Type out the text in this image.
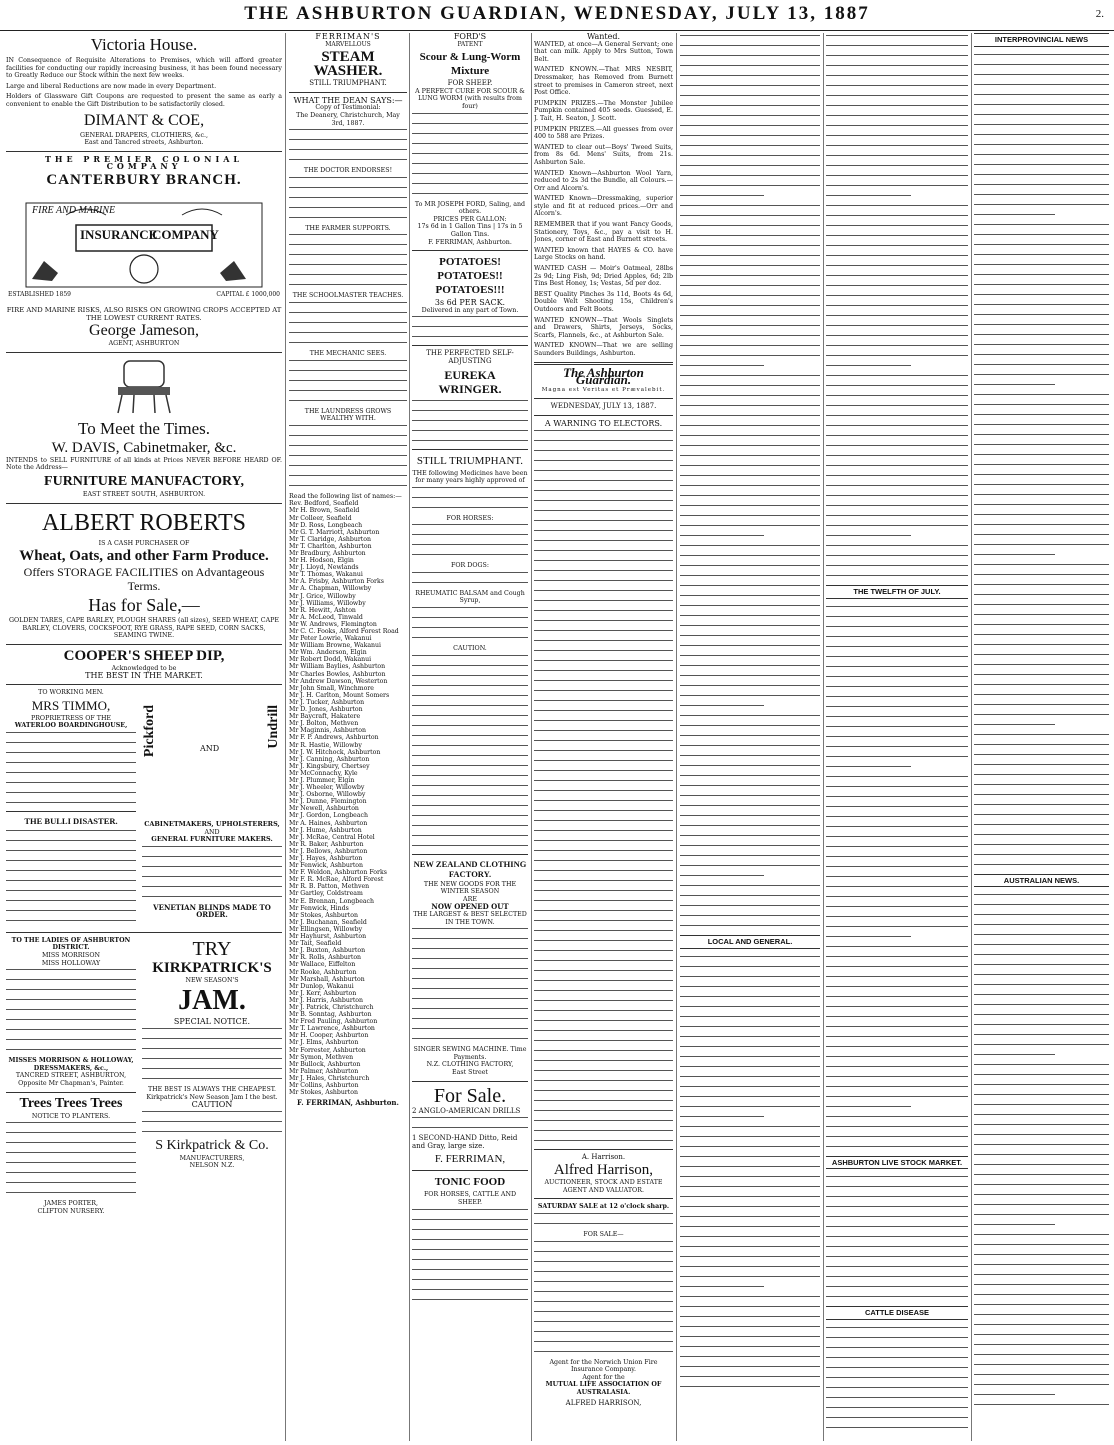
THE ASHBURTON GUARDIAN, WEDNESDAY, JULY 13, 1887	2.
Victoria House.

IN Consequence of Requisite Alterations to Premises, which will afford greater facilities for conducting our rapidly increasing business, it has been found necessary to Greatly Reduce our Stock within the next few weeks.

Large and liberal Reductions are now made in every Department.

Holders of Glassware Gift Coupons are requested to present the same as early a convenient to enable the Gift Distribution to be satisfactorily closed.

DIMANT & COE,
GENERAL DRAPERS, CLOTHIERS, &c.,
East and Tancred streets, Ashburton.
THE PREMIER COLONIAL COMPANY
CANTERBURY BRANCH.
FIRE AND MARINE
INSURANCE
COMPANY
ESTABLISHED 1859	CAPITAL £ 1000,000
FIRE AND MARINE RISKS, ALSO RISKS ON GROWING CROPS ACCEPTED AT THE LOWEST CURRENT RATES.
George Jameson,
AGENT, ASHBURTON
To Meet the Times.
W. DAVIS, Cabinetmaker, &c.

INTENDS to SELL FURNITURE of all kinds at Prices NEVER BEFORE HEARD OF. Note the Address—

FURNITURE MANUFACTORY,
EAST STREET SOUTH, ASHBURTON.
ALBERT ROBERTS
IS A CASH PURCHASER OF
Wheat, Oats, and other Farm Produce.
Offers STORAGE FACILITIES on Advantageous Terms.
Has for Sale,—
GOLDEN TARES, CAPE BARLEY, PLOUGH SHARES (all sizes), SEED WHEAT, CAPE BARLEY, CLOVERS, COCKSFOOT, RYE GRASS, RAPE SEED, CORN SACKS, SEAMING TWINE.
COOPER'S SHEEP DIP,
Acknowledged to be
THE BEST IN THE MARKET.
TO WORKING MEN.
MRS TIMMO,
PROPRIETRESS OF THE
WATERLOO BOARDINGHOUSE,
THE BULLI DISASTER.
Pickford	AND	Undrill
CABINETMAKERS, UPHOLSTERERS,
AND
GENERAL FURNITURE MAKERS.
VENETIAN BLINDS MADE TO ORDER.
TO THE LADIES OF ASHBURTON DISTRICT.
MISS MORRISON
MISS HOLLOWAY
MISSES MORRISON & HOLLOWAY, DRESSMAKERS, &c.,
TANCRED STREET, ASHBURTON, Opposite Mr Chapman's, Painter.
Trees Trees Trees
NOTICE TO PLANTERS.
JAMES PORTER,
CLIFTON NURSERY.
TRY
KIRKPATRICK'S
NEW SEASON'S
JAM.
SPECIAL NOTICE.
THE BEST IS ALWAYS THE CHEAPEST. Kirkpatrick's New Season Jam I the best.
CAUTION
S Kirkpatrick & Co.
MANUFACTURERS,
NELSON N.Z.
FERRIMAN'S
MARVELLOUS
STEAM WASHER.
STILL TRIUMPHANT.
WHAT THE DEAN SAYS:—
Copy of Testimonial:
The Deanery, Christchurch, May 3rd, 1887.
THE DOCTOR ENDORSES!
THE FARMER SUPPORTS.
THE SCHOOLMASTER TEACHES.
THE MECHANIC SEES.
THE LAUNDRESS GROWS WEALTHY WITH.
Read the following list of names:—
Rev. Bedford, Seafield
Mr H. Brown, Seafield
Mr Colleer, Seafield
Mr D. Ross, Longbeach
Mr G. T. Marriott, Ashburton
Mr T. Claridge, Ashburton
Mr T. Charlton, Ashburton
Mr Bradbury, Ashburton
Mr H. Hodson, Elgin
Mr J. Lloyd, Newlands
Mr T. Thomas, Wakanui
Mr A. Frisby, Ashburton Forks
Mr A. Chapman, Willowby
Mr J. Grice, Willowby
Mr J. Williams, Willowby
Mr R. Hewitt, Ashton
Mr A. McLeod, Tinwald
Mr W. Andrews, Flemington
Mr C. C. Fooks, Alford Forest Road
Mr Peter Lowrie, Wakanui
Mr William Browne, Wakanui
Mr Wm. Anderson, Elgin
Mr Robert Dodd, Wakanui
Mr William Baylies, Ashburton
Mr Charles Bowles, Ashburton
Mr Andrew Dawson, Westerton
Mr John Small, Winchmore
Mr J. H. Carlton, Mount Somers
Mr J. Tucker, Ashburton
Mr D. Jones, Ashburton
Mr Baycraft, Hakatere
Mr J. Bolton, Methven
Mr Maginnis, Ashburton
Mr F. P. Andrews, Ashburton
Mr R. Hastie, Willowby
Mr J. W. Hitchock, Ashburton
Mr J. Canning, Ashburton
Mr J. Kingsbury, Chertsey
Mr McConnachy, Kyle
Mr J. Plummer, Elgin
Mr J. Wheeler, Willowby
Mr J. Osborne, Willowby
Mr J. Dunne, Flemington
Mr Newell, Ashburton
Mr J. Gordon, Longbeach
Mr A. Haines, Ashburton
Mr J. Hume, Ashburton
Mr J. McRae, Central Hotel
Mr R. Baker, Ashburton
Mr J. Bellows, Ashburton
Mr J. Hayes, Ashburton
Mr Fenwick, Ashburton
Mr F. Weldon, Ashburton Forks
Mr F. R. McRae, Alford Forest
Mr R. B. Patton, Methven
Mr Gartley, Coldstream
Mr E. Brennan, Longbeach
Mr Fenwick, Hinds
Mr Stokes, Ashburton
Mr J. Buchanan, Seafield
Mr Ellingsen, Willowby
Mr Hayhurst, Ashburton
Mr Tait, Seafield
Mr J. Buxton, Ashburton
Mr R. Rolls, Ashburton
Mr Wallace, Eiffelton
Mr Rooke, Ashburton
Mr Marshall, Ashburton
Mr Dunlop, Wakanui
Mr J. Kerr, Ashburton
Mr J. Harris, Ashburton
Mr J. Patrick, Christchurch
Mr B. Sonntag, Ashburton
Mr Fred Pauling, Ashburton
Mr T. Lawrence, Ashburton
Mr H. Cooper, Ashburton
Mr J. Elms, Ashburton
Mr Forrester, Ashburton
Mr Symon, Methven
Mr Bullock, Ashburton
Mr Palmer, Ashburton
Mr J. Hales, Christchurch
Mr Collins, Ashburton
Mr Stokes, Ashburton
F. FERRIMAN, Ashburton.
FORD'S
PATENT
Scour & Lung-Worm Mixture
FOR SHEEP.
A PERFECT CURE FOR SCOUR & LUNG WORM (with results from four)
To MR JOSEPH FORD, Saling, and others.
PRICES PER GALLON:
17s 6d in 1 Gallon Tins | 17s in 5 Gallon Tins.
F. FERRIMAN, Ashburton.
POTATOES! POTATOES!! POTATOES!!!
3s 6d PER SACK.
Delivered in any part of Town.
THE PERFECTED SELF-ADJUSTING
EUREKA WRINGER.
STILL TRIUMPHANT.
THE following Medicines have been for many years highly approved of
FOR HORSES:
FOR DOGS:
RHEUMATIC BALSAM and Cough Syrup,
CAUTION.
NEW ZEALAND CLOTHING FACTORY.
THE NEW GOODS FOR THE WINTER SEASON
ARE
NOW OPENED OUT
THE LARGEST & BEST SELECTED IN THE TOWN.
SINGER SEWING MACHINE. Time Payments.
N.Z. CLOTHING FACTORY,
East Street
For Sale.
2 ANGLO-AMERICAN DRILLS
1 SECOND-HAND Ditto, Reid and Gray, large size.
F. FERRIMAN,
TONIC FOOD
FOR HORSES, CATTLE AND SHEEP.
Wanted.

WANTED, at once—A General Servant; one that can milk. Apply to Mrs Sutton, Town Belt.

WANTED KNOWN.—That MRS NESBIT, Dressmaker, has Removed from Burnett street to premises in Cameron street, next Post Office.

PUMPKIN PRIZES.—The Monster Jubilee Pumpkin contained 405 seeds. Guessed, E. J. Tait, H. Seaton, J. Scott.

PUMPKIN PRIZES.—All guesses from over 400 to 588 are Prizes.

WANTED to clear out—Boys' Tweed Suits, from 8s 6d. Mens' Suits, from 21s. Ashburton Sale.

WANTED Known—Ashburton Wool Yarn, reduced to 2s 3d the Bundle, all Colours.—Orr and Alcorn's.

WANTED Known—Dressmaking, superior style and fit at reduced prices.—Orr and Alcorn's.

REMEMBER that if you want Fancy Goods, Stationery, Toys, &c., pay a visit to H. Jones, corner of East and Burnett streets.

WANTED known that HAYES & CO. have Large Stocks on hand.

WANTED CASH — Moir's Oatmeal, 28lbs 2s 9d; Ling Fish, 9d; Dried Apples, 6d; 2lb Tins Best Honey, 1s; Vestas, 5d per doz.

BEST Quality Pinches 3s 11d, Boots 4s 6d, Double Welt Shooting 15s, Children's Outdoors and Felt Boots.

WANTED KNOWN—That Wools Singlets and Drawers, Shirts, Jerseys, Socks, Scarfs, Flannels, &c., at Ashburton Sale.

WANTED KNOWN—That we are selling Saunders Buildings, Ashburton.

The Ashburton Guardian.
Magna est Veritas et Prævalebit.
WEDNESDAY, JULY 13, 1887.
A WARNING TO ELECTORS.
A. Harrison.
Alfred Harrison,
AUCTIONEER, STOCK AND ESTATE AGENT AND VALUATOR.
SATURDAY SALE at 12 o'clock sharp.
FOR SALE—
Agent for the Norwich Union Fire Insurance Company.
Agent for the
MUTUAL LIFE ASSOCIATION OF AUSTRALASIA.
ALFRED HARRISON,
LOCAL AND GENERAL.
THE TWELFTH OF JULY.
ASHBURTON LIVE STOCK MARKET.
CATTLE DISEASE
INTERPROVINCIAL NEWS
AUSTRALIAN NEWS.
